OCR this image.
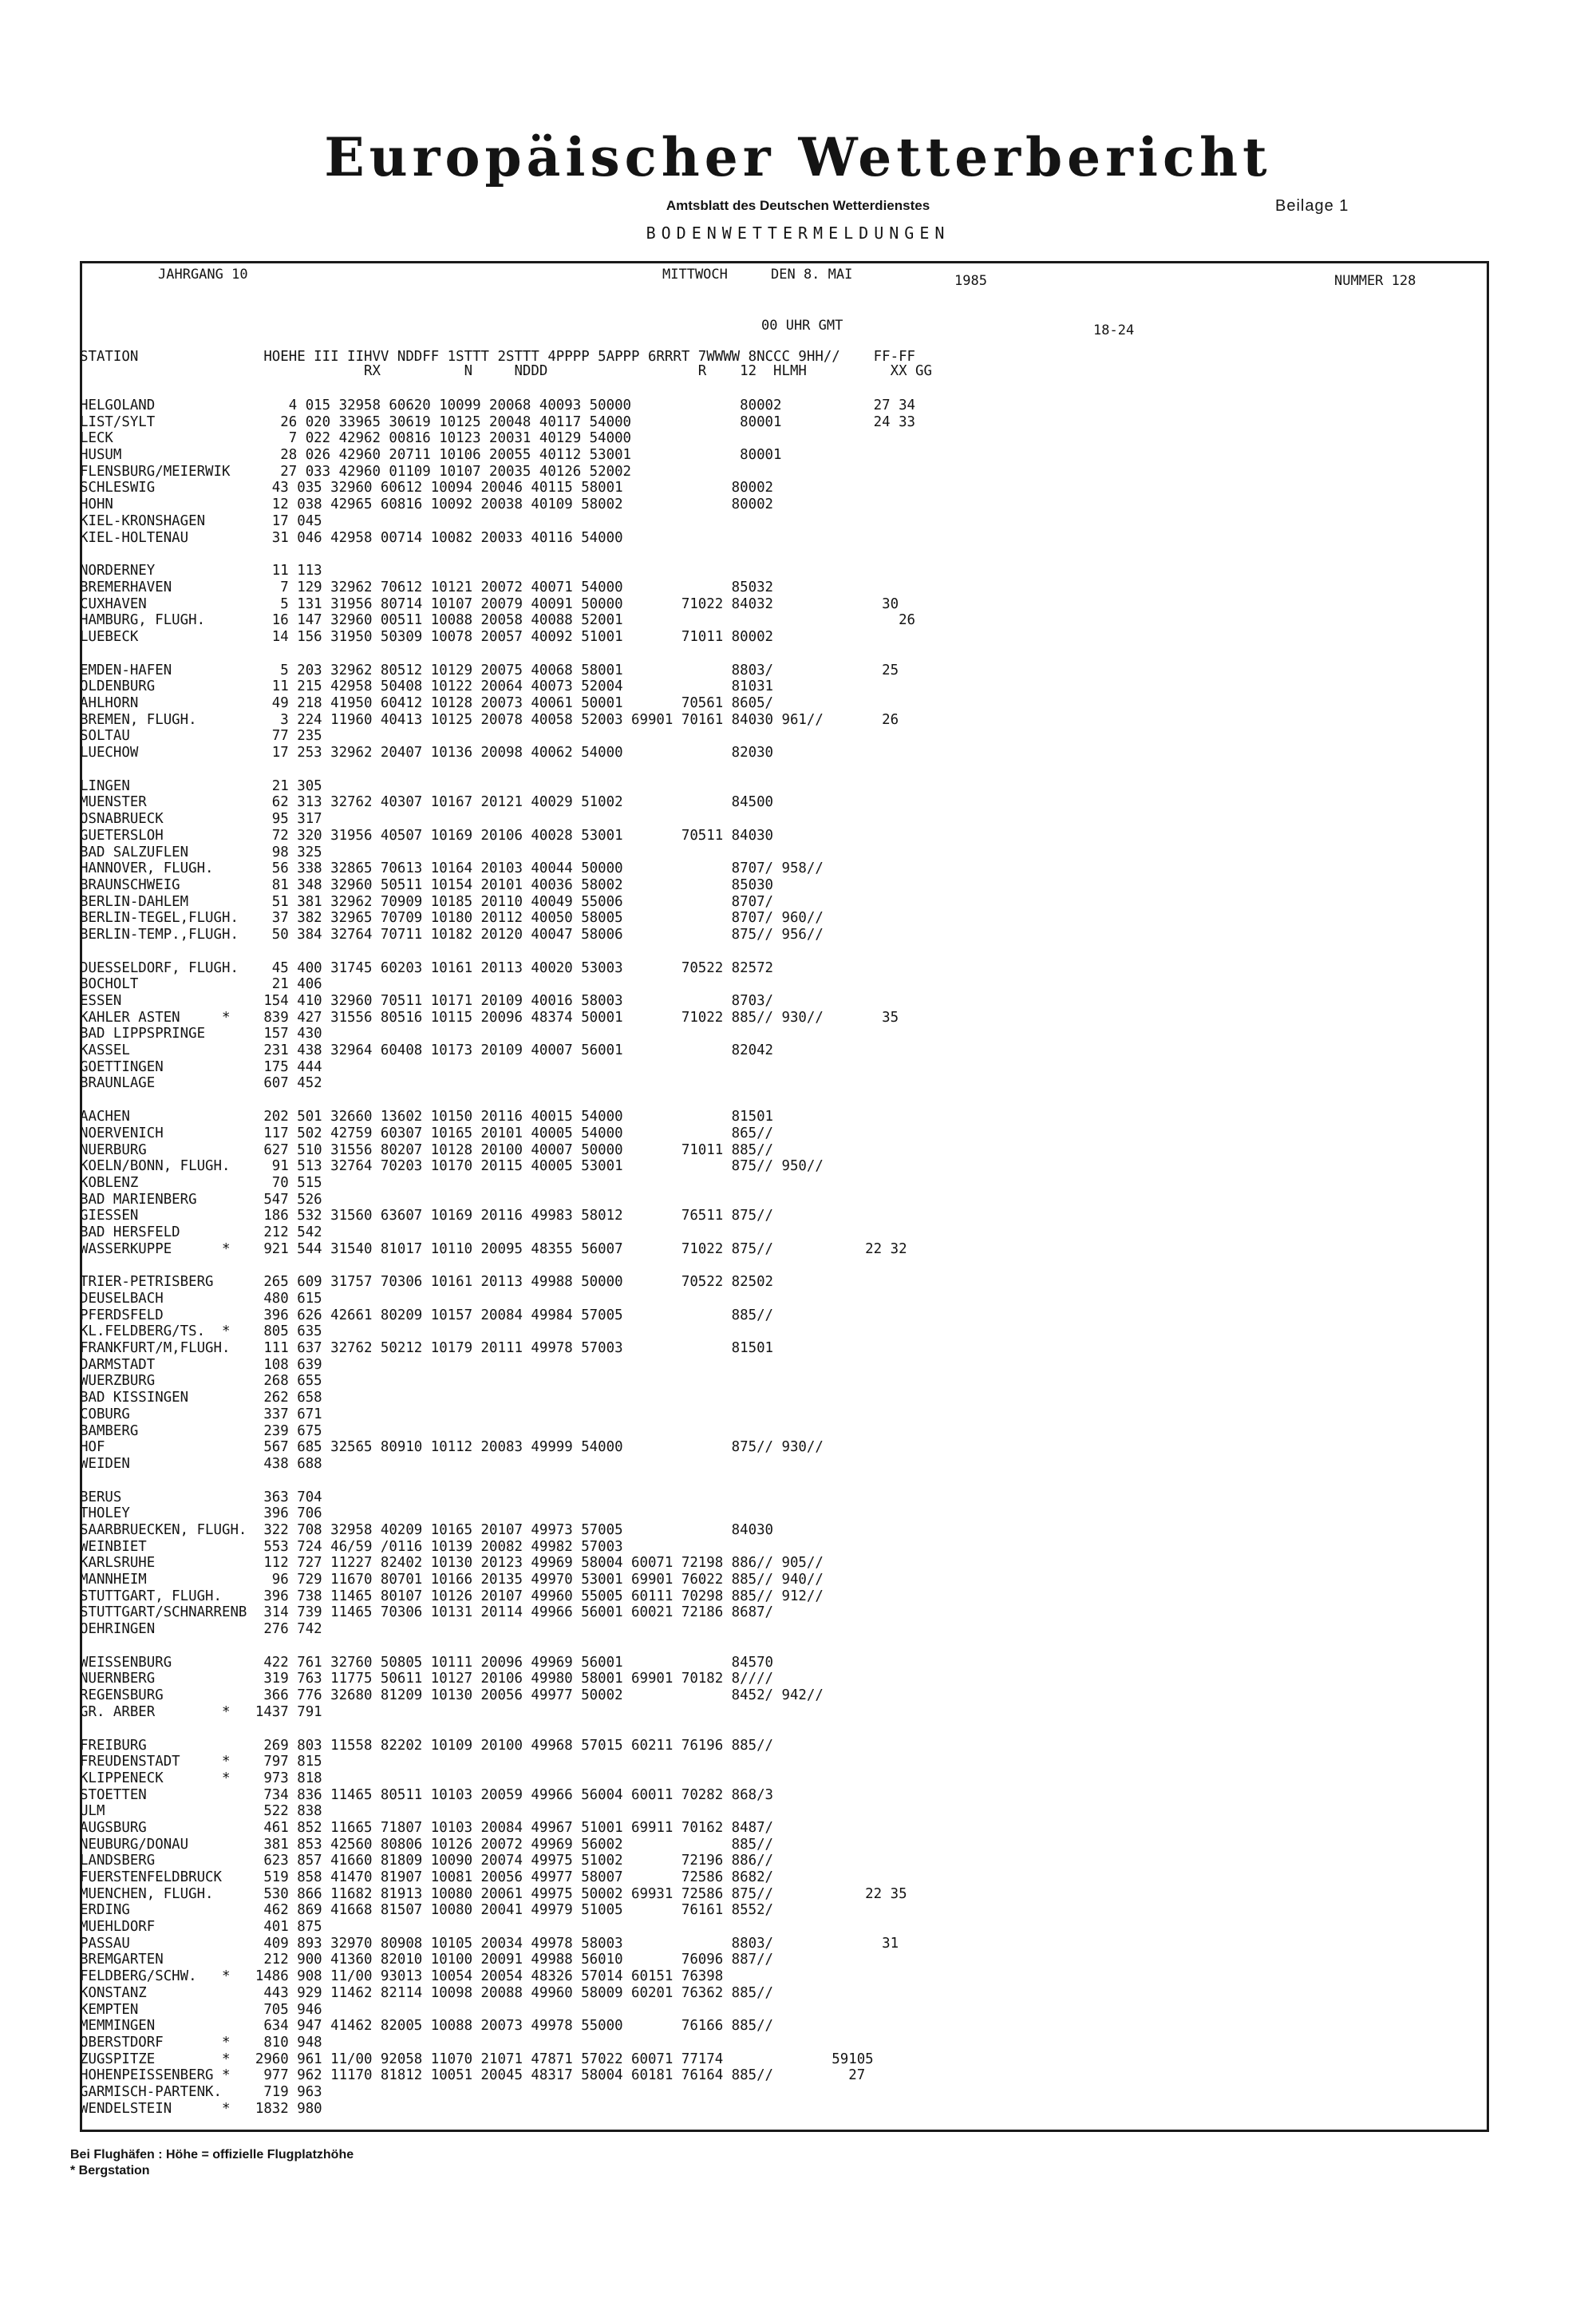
Europäischer Wetterbericht
Amtsblatt des Deutschen Wetterdienstes	Beilage 1
BODENWETTERMELDUNGEN
JAHRGANG 10	MITTWOCH	DEN 8. MAI	1985	NUMMER 128
00 UHR GMT	18-24
STATION               HOEHE III IIHVV NDDFF 1STTT 2STTT 4PPPP 5APPP 6RRRT 7WWWW 8NCCC 9HH//    FF-FF
RX          N     NDDD                  R    12  HLMH          XX GG
HELGOLAND                4 015 32958 60620 10099 20068 40093 50000             80002           27 34
LIST/SYLT               26 020 33965 30619 10125 20048 40117 54000             80001           24 33
LECK                     7 022 42962 00816 10123 20031 40129 54000
HUSUM                   28 026 42960 20711 10106 20055 40112 53001             80001
FLENSBURG/MEIERWIK      27 033 42960 01109 10107 20035 40126 52002
SCHLESWIG              43 035 32960 60612 10094 20046 40115 58001             80002
HOHN                   12 038 42965 60816 10092 20038 40109 58002             80002
KIEL-KRONSHAGEN        17 045
KIEL-HOLTENAU          31 046 42958 00714 10082 20033 40116 54000
NORDERNEY              11 113
BREMERHAVEN             7 129 32962 70612 10121 20072 40071 54000             85032
CUXHAVEN                5 131 31956 80714 10107 20079 40091 50000       71022 84032             30
HAMBURG, FLUGH.        16 147 32960 00511 10088 20058 40088 52001                                 26
LUEBECK                14 156 31950 50309 10078 20057 40092 51001       71011 80002
EMDEN-HAFEN             5 203 32962 80512 10129 20075 40068 58001             8803/             25
OLDENBURG              11 215 42958 50408 10122 20064 40073 52004             81031
AHLHORN                49 218 41950 60412 10128 20073 40061 50001       70561 8605/
BREMEN, FLUGH.          3 224 11960 40413 10125 20078 40058 52003 69901 70161 84030 961//       26
SOLTAU                 77 235
LUECHOW                17 253 32962 20407 10136 20098 40062 54000             82030
LINGEN                 21 305
MUENSTER               62 313 32762 40307 10167 20121 40029 51002             84500
OSNABRUECK             95 317
GUETERSLOH             72 320 31956 40507 10169 20106 40028 53001       70511 84030
BAD SALZUFLEN          98 325
HANNOVER, FLUGH.       56 338 32865 70613 10164 20103 40044 50000             8707/ 958//
BRAUNSCHWEIG           81 348 32960 50511 10154 20101 40036 58002             85030
BERLIN-DAHLEM          51 381 32962 70909 10185 20110 40049 55006             8707/
BERLIN-TEGEL,FLUGH.    37 382 32965 70709 10180 20112 40050 58005             8707/ 960//
BERLIN-TEMP.,FLUGH.    50 384 32764 70711 10182 20120 40047 58006             875// 956//
DUESSELDORF, FLUGH.    45 400 31745 60203 10161 20113 40020 53003       70522 82572
BOCHOLT                21 406
ESSEN                 154 410 32960 70511 10171 20109 40016 58003             8703/
KAHLER ASTEN     *    839 427 31556 80516 10115 20096 48374 50001       71022 885// 930//       35
BAD LIPPSPRINGE       157 430
KASSEL                231 438 32964 60408 10173 20109 40007 56001             82042
GOETTINGEN            175 444
BRAUNLAGE             607 452
AACHEN                202 501 32660 13602 10150 20116 40015 54000             81501
NOERVENICH            117 502 42759 60307 10165 20101 40005 54000             865//
NUERBURG              627 510 31556 80207 10128 20100 40007 50000       71011 885//
KOELN/BONN, FLUGH.     91 513 32764 70203 10170 20115 40005 53001             875// 950//
KOBLENZ                70 515
BAD MARIENBERG        547 526
GIESSEN               186 532 31560 63607 10169 20116 49983 58012       76511 875//
BAD HERSFELD          212 542
WASSERKUPPE      *    921 544 31540 81017 10110 20095 48355 56007       71022 875//           22 32
TRIER-PETRISBERG      265 609 31757 70306 10161 20113 49988 50000       70522 82502
DEUSELBACH            480 615
PFERDSFELD            396 626 42661 80209 10157 20084 49984 57005             885//
KL.FELDBERG/TS.  *    805 635
FRANKFURT/M,FLUGH.    111 637 32762 50212 10179 20111 49978 57003             81501
DARMSTADT             108 639
WUERZBURG             268 655
BAD KISSINGEN         262 658
COBURG                337 671
BAMBERG               239 675
HOF                   567 685 32565 80910 10112 20083 49999 54000             875// 930//
WEIDEN                438 688
BERUS                 363 704
THOLEY                396 706
SAARBRUECKEN, FLUGH.  322 708 32958 40209 10165 20107 49973 57005             84030
WEINBIET              553 724 46/59 /0116 10139 20082 49982 57003
KARLSRUHE             112 727 11227 82402 10130 20123 49969 58004 60071 72198 886// 905//
MANNHEIM               96 729 11670 80701 10166 20135 49970 53001 69901 76022 885// 940//
STUTTGART, FLUGH.     396 738 11465 80107 10126 20107 49960 55005 60111 70298 885// 912//
STUTTGART/SCHNARRENB  314 739 11465 70306 10131 20114 49966 56001 60021 72186 8687/
OEHRINGEN             276 742
WEISSENBURG           422 761 32760 50805 10111 20096 49969 56001             84570
NUERNBERG             319 763 11775 50611 10127 20106 49980 58001 69901 70182 8////
REGENSBURG            366 776 32680 81209 10130 20056 49977 50002             8452/ 942//
GR. ARBER        *   1437 791
FREIBURG              269 803 11558 82202 10109 20100 49968 57015 60211 76196 885//
FREUDENSTADT     *    797 815
KLIPPENECK       *    973 818
STOETTEN              734 836 11465 80511 10103 20059 49966 56004 60011 70282 868/3
ULM                   522 838
AUGSBURG              461 852 11665 71807 10103 20084 49967 51001 69911 70162 8487/
NEUBURG/DONAU         381 853 42560 80806 10126 20072 49969 56002             885//
LANDSBERG             623 857 41660 81809 10090 20074 49975 51002       72196 886//
FUERSTENFELDBRUCK     519 858 41470 81907 10081 20056 49977 58007       72586 8682/
MUENCHEN, FLUGH.      530 866 11682 81913 10080 20061 49975 50002 69931 72586 875//           22 35
ERDING                462 869 41668 81507 10080 20041 49979 51005       76161 8552/
MUEHLDORF             401 875
PASSAU                409 893 32970 80908 10105 20034 49978 58003             8803/             31
BREMGARTEN            212 900 41360 82010 10100 20091 49988 56010       76096 887//
FELDBERG/SCHW.   *   1486 908 11/00 93013 10054 20054 48326 57014 60151 76398
KONSTANZ              443 929 11462 82114 10098 20088 49960 58009 60201 76362 885//
KEMPTEN               705 946
MEMMINGEN             634 947 41462 82005 10088 20073 49978 55000       76166 885//
OBERSTDORF       *    810 948
ZUGSPITZE        *   2960 961 11/00 92058 11070 21071 47871 57022 60071 77174             59105
HOHENPEISSENBERG *    977 962 11170 81812 10051 20045 48317 58004 60181 76164 885//         27
GARMISCH-PARTENK.     719 963
WENDELSTEIN      *   1832 980
Bei Flughäfen : Höhe = offizielle Flugplatzhöhe
* Bergstation
